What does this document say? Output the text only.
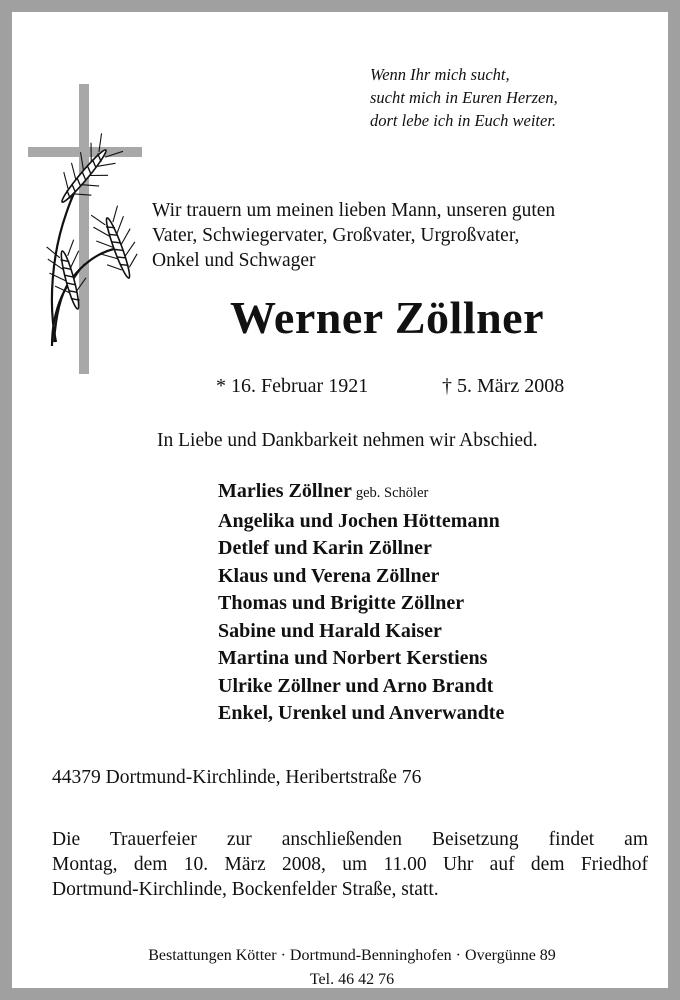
Wenn Ihr mich sucht,
sucht mich in Euren Herzen,
dort lebe ich in Euch weiter.
Wir trauern um meinen lieben Mann, unseren guten
Vater, Schwiegervater, Großvater, Urgroßvater,
Onkel und Schwager
Werner Zöllner
* 16. Februar 1921	† 5. März 2008
In Liebe und Dankbarkeit nehmen wir Abschied.
Marlies Zöllner geb. Schöler
Angelika und Jochen Höttemann
Detlef und Karin Zöllner
Klaus und Verena Zöllner
Thomas und Brigitte Zöllner
Sabine und Harald Kaiser
Martina und Norbert Kerstiens
Ulrike Zöllner und Arno Brandt
Enkel, Urenkel und Anverwandte
44379 Dortmund-Kirchlinde, Heribertstraße 76
Die Trauerfeier zur anschließenden Beisetzung findet am
Montag, dem 10. März 2008, um 11.00 Uhr auf dem Friedhof
Dortmund-Kirchlinde, Bockenfelder Straße, statt.
Bestattungen Kötter · Dortmund-Benninghofen · Overgünne 89
Tel. 46 42 76
